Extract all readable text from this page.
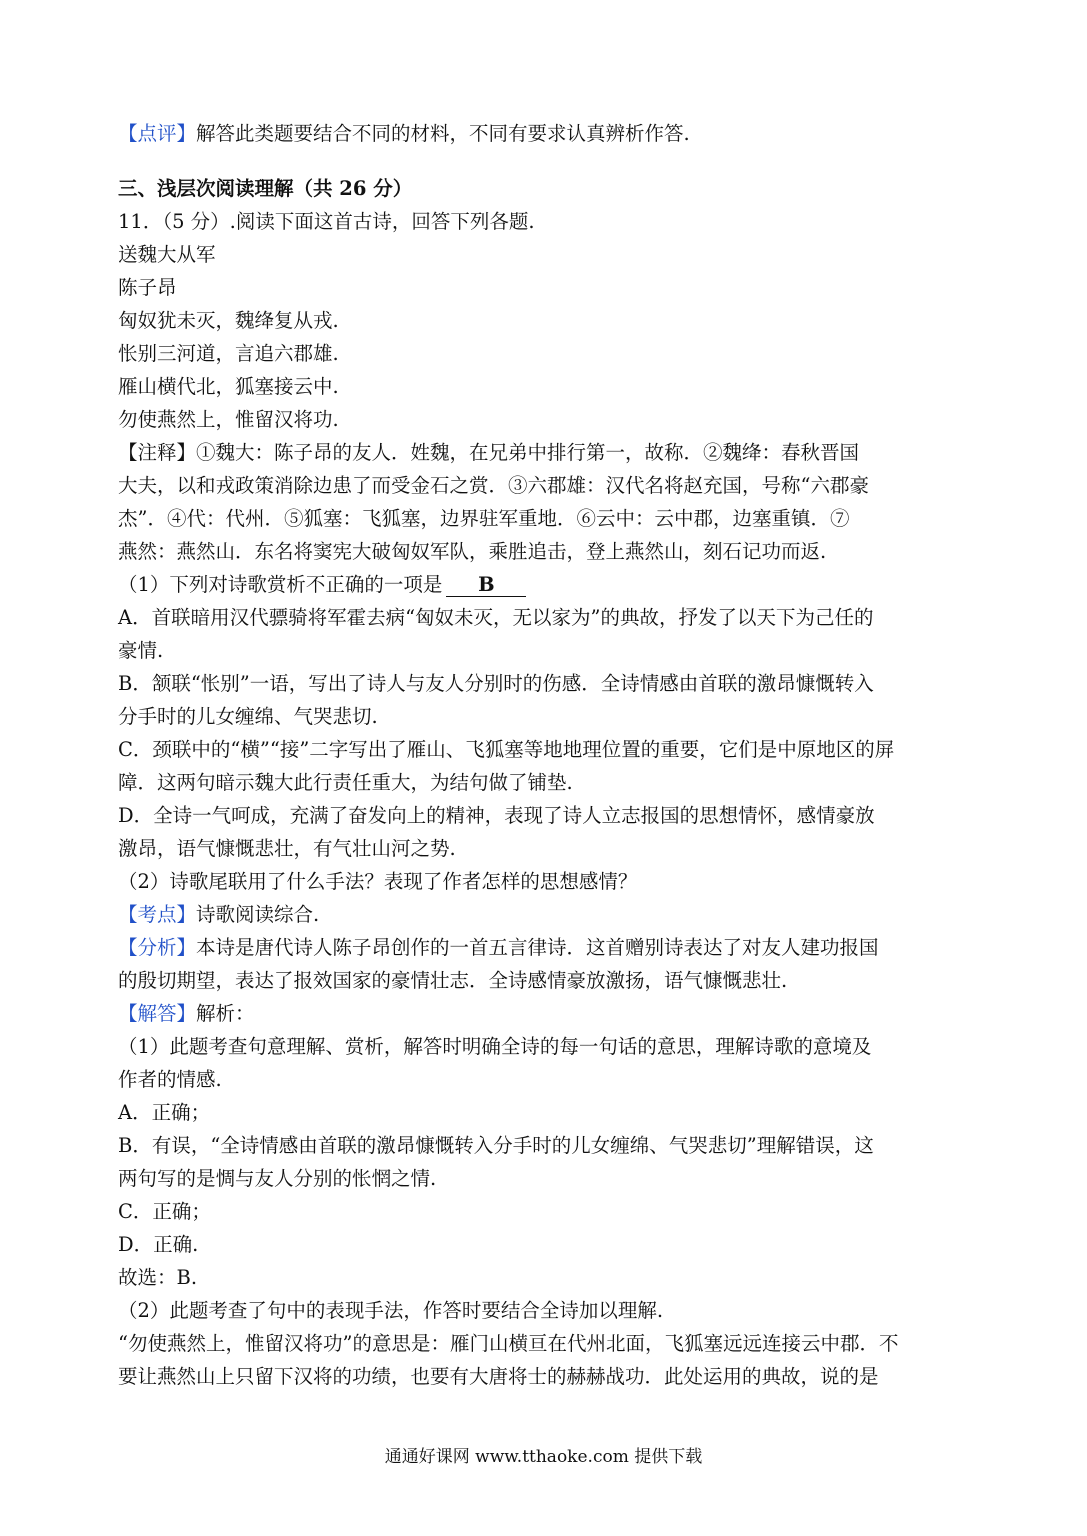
【点评】解答此类题要结合不同的材料，不同有要求认真辨析作答.
三、浅层次阅读理解（共 26 分）
11．（5 分）.阅读下面这首古诗，回答下列各题.
送魏大从军
陈子昂
匈奴犹未灭，魏绛复从戎.
怅别三河道，言追六郡雄.
雁山横代北，狐塞接云中.
勿使燕然上，惟留汉将功.
【注释】①魏大：陈子昂的友人．姓魏，在兄弟中排行第一，故称．②魏绛：春秋晋国
大夫，以和戎政策消除边患了而受金石之赏．③六郡雄：汉代名将赵充国，号称“六郡豪
杰”．④代：代州．⑤狐塞：飞狐塞，边界驻军重地．⑥云中：云中郡，边塞重镇．⑦
燕然：燕然山．东名将窦宪大破匈奴军队，乘胜追击，登上燕然山，刻石记功而返.
（1）下列对诗歌赏析不正确的一项是 B
A．首联暗用汉代骠骑将军霍去病“匈奴未灭，无以家为”的典故，抒发了以天下为己任的
豪情.
B．颔联“怅别”一语，写出了诗人与友人分别时的伤感．全诗情感由首联的激昂慷慨转入
分手时的儿女缠绵、气哭悲切.
C．颈联中的“横”“接”二字写出了雁山、飞狐塞等地地理位置的重要，它们是中原地区的屏
障．这两句暗示魏大此行责任重大，为结句做了铺垫.
D．全诗一气呵成，充满了奋发向上的精神，表现了诗人立志报国的思想情怀，感情豪放
激昂，语气慷慨悲壮，有气壮山河之势.
（2）诗歌尾联用了什么手法？表现了作者怎样的思想感情？
【考点】诗歌阅读综合.
【分析】本诗是唐代诗人陈子昂创作的一首五言律诗．这首赠别诗表达了对友人建功报国
的殷切期望，表达了报效国家的豪情壮志．全诗感情豪放激扬，语气慷慨悲壮.
【解答】解析：
（1）此题考查句意理解、赏析，解答时明确全诗的每一句话的意思，理解诗歌的意境及
作者的情感.
A．正确；
B．有误，“全诗情感由首联的激昂慷慨转入分手时的儿女缠绵、气哭悲切”理解错误，这
两句写的是惆与友人分别的怅惘之情.
C．正确；
D．正确.
故选：B.
（2）此题考查了句中的表现手法，作答时要结合全诗加以理解.
“勿使燕然上，惟留汉将功”的意思是：雁门山横亘在代州北面，飞狐塞远远连接云中郡．不
要让燕然山上只留下汉将的功绩，也要有大唐将士的赫赫战功．此处运用的典故，说的是
通通好课网 www.tthaoke.com 提供下载
